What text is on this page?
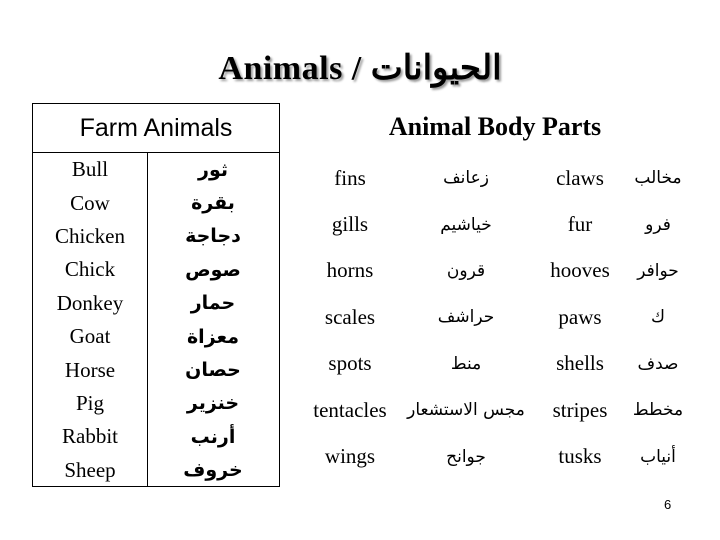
Animals / الحيوانات
Farm Animals
Bull	ثور
Cow	بقرة
Chicken	دجاجة
Chick	صوص
Donkey	حمار
Goat	معزاة
Horse	حصان
Pig	خنزير
Rabbit	أرنب
Sheep	خروف
Animal Body Parts
fins	زعانف	claws	مخالب
gills	خياشيم	fur	فرو
horns	قرون	hooves	حوافر
scales	حراشف	paws	ﻙ
spots	منط	shells	صدف
tentacles	مجس الاستشعار	stripes	مخطط
wings	جوانح	tusks	أنياب
6
